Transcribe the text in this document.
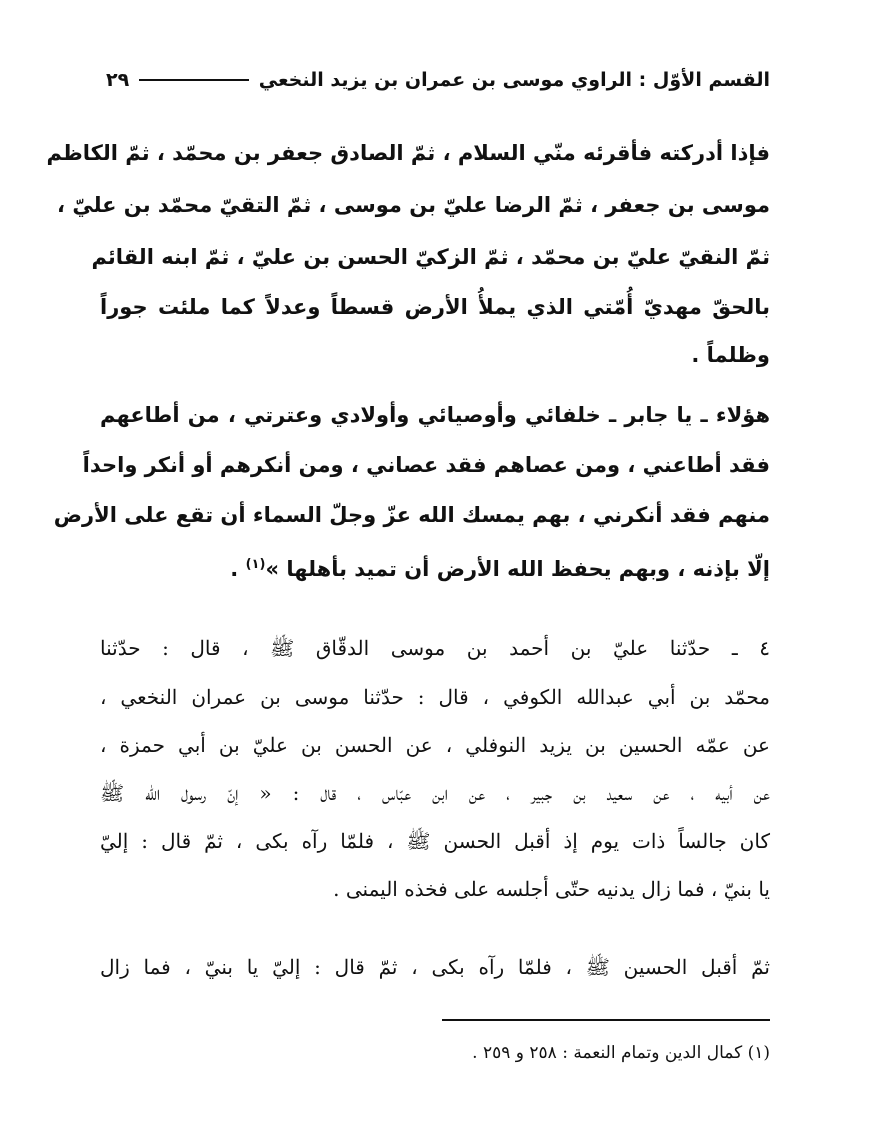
القسم الأوّل : الراوي موسى بن عمران بن يزيد النخعي
٢٩
فإذا أدركته فأقرئه منّي السلام ، ثمّ الصادق جعفر بن محمّد ، ثمّ الكاظم
موسى بن جعفر ، ثمّ الرضا عليّ بن موسى ، ثمّ التقيّ محمّد بن عليّ ،
ثمّ النقيّ عليّ بن محمّد ، ثمّ الزكيّ الحسن بن عليّ ، ثمّ ابنه القائم
بالحقّ مهديّ أُمّتي الذي يملأُ الأرض قسطاً وعدلاً كما ملئت جوراً
وظلماً .
هؤلاء ـ يا جابر ـ خلفائي وأوصيائي وأولادي وعترتي ، من أطاعهم
فقد أطاعني ، ومن عصاهم فقد عصاني ، ومن أنكرهم أو أنكر واحداً
منهم فقد أنكرني ، بهم يمسك الله عزّ وجلّ السماء أن تقع على الأرض
إلّا بإذنه ، وبهم يحفظ الله الأرض أن تميد بأهلها »$^{(١)}$ .
٤ ـ حدّثنا عليّ بن أحمد بن موسى الدقّاق ﷺ ، قال : حدّثنا
محمّد بن أبي عبدالله الكوفي ، قال : حدّثنا موسى بن عمران النخعي ،
عن عمّه الحسين بن يزيد النوفلي ، عن الحسن بن عليّ بن أبي حمزة ،
عن أبيه ، عن سعيد بن جبير ، عن ابن عبّاس ، قال : « إنّ رسول الله ﷺ
كان جالساً ذات يوم إذ أقبل الحسن ﷺ ، فلمّا رآه بكى ، ثمّ قال : إليّ
يا بنيّ ، فما زال يدنيه حتّى أجلسه على فخذه اليمنى .
ثمّ أقبل الحسين ﷺ ، فلمّا رآه بكى ، ثمّ قال : إليّ يا بنيّ ، فما زال
(١) كمال الدين وتمام النعمة : ٢٥٨ و ٢٥٩ .
